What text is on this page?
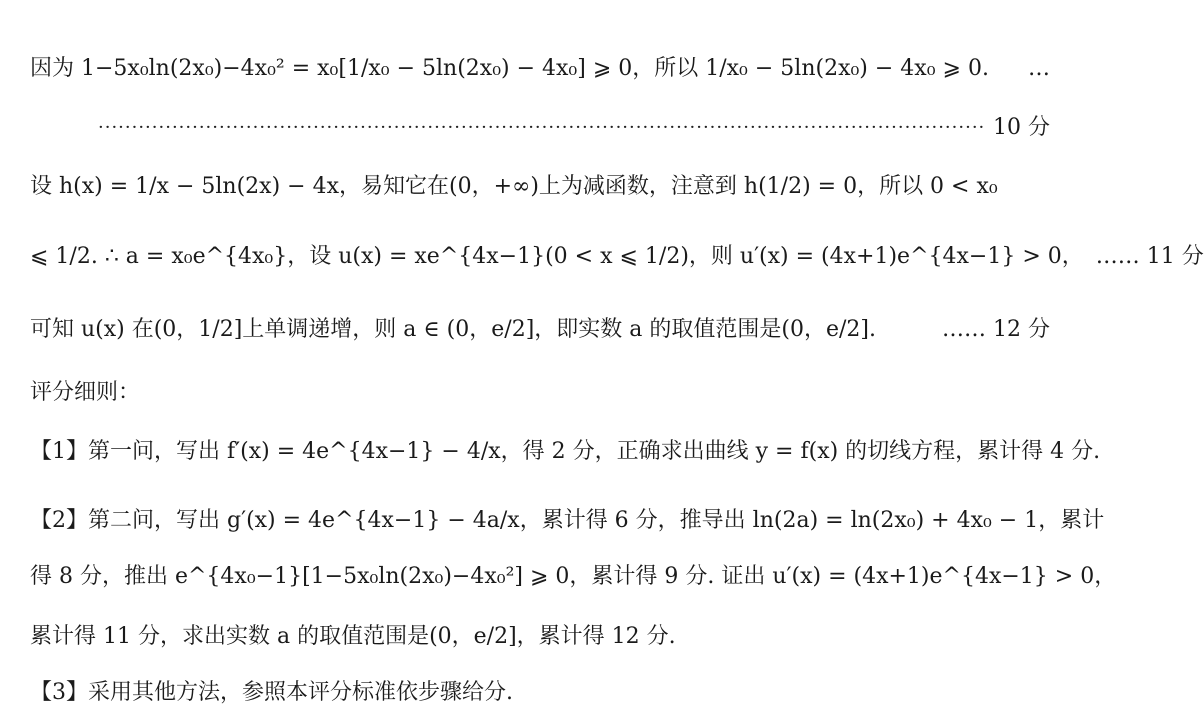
因为 1−5x₀ln(2x₀)−4x₀² = x₀[1/x₀ − 5ln(2x₀) − 4x₀] ⩾ 0，所以 1/x₀ − 5ln(2x₀) − 4x₀ ⩾ 0. …
···································································································································· 10 分
设 h(x) = 1/x − 5ln(2x) − 4x，易知它在(0，+∞)上为减函数，注意到 h(1/2) = 0，所以 0 < x₀
⩽ 1/2. ∴ a = x₀e^{4x₀}，设 u(x) = xe^{4x−1}(0 < x ⩽ 1/2)，则 u′(x) = (4x+1)e^{4x−1} > 0， …… 11 分
可知 u(x) 在(0，1/2]上单调递增，则 a ∈ (0，e/2]，即实数 a 的取值范围是(0，e/2].	…… 12 分
评分细则：
【1】第一问，写出 f′(x) = 4e^{4x−1} − 4/x，得 2 分，正确求出曲线 y = f(x) 的切线方程，累计得 4 分.
【2】第二问，写出 g′(x) = 4e^{4x−1} − 4a/x，累计得 6 分，推导出 ln(2a) = ln(2x₀) + 4x₀ − 1，累计
得 8 分，推出 e^{4x₀−1}[1−5x₀ln(2x₀)−4x₀²] ⩾ 0，累计得 9 分. 证出 u′(x) = (4x+1)e^{4x−1} > 0，
累计得 11 分，求出实数 a 的取值范围是(0，e/2]，累计得 12 分.
【3】采用其他方法，参照本评分标准依步骤给分.
